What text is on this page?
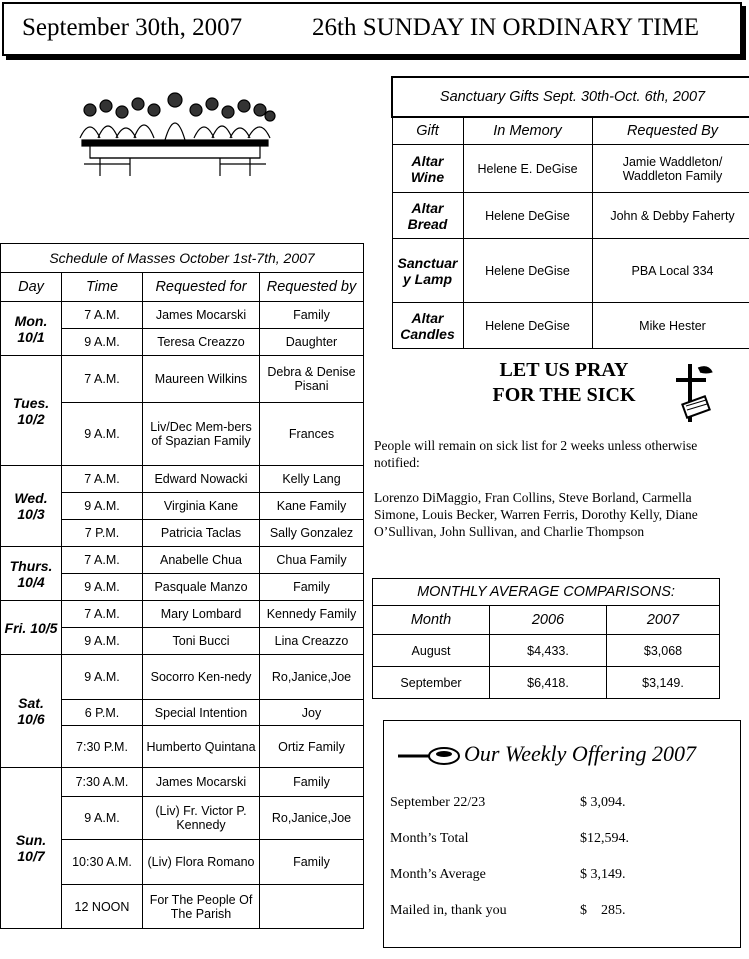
September 30th, 2007	26th SUNDAY IN ORDINARY TIME
Sanctuary Gifts Sept. 30th-Oct. 6th, 2007		
Gift	In Memory	Requested By
Altar Wine	Helene E. DeGise	Jamie Waddleton/ Waddleton Family
Altar Bread	Helene DeGise	John & Debby Faherty
Sanctuar y Lamp	Helene DeGise	PBA Local 334
Altar Candles	Helene DeGise	Mike Hester
Schedule of Masses October 1st-7th, 2007			
Day	Time	Requested for	Requested by
Mon. 10/1	7 A.M.	James Mocarski	Family
	9 A.M.	Teresa Creazzo	Daughter
Tues. 10/2	7 A.M.	Maureen Wilkins	Debra & Denise Pisani
	9 A.M.	Liv/Dec Mem-bers of Spazian Family	Frances
Wed. 10/3	7 A.M.	Edward Nowacki	Kelly Lang
	9 A.M.	Virginia Kane	Kane Family
	7 P.M.	Patricia Taclas	Sally Gonzalez
Thurs. 10/4	7 A.M.	Anabelle Chua	Chua Family
	9 A.M.	Pasquale Manzo	Family
Fri. 10/5	7 A.M.	Mary Lombard	Kennedy Family
	9 A.M.	Toni Bucci	Lina Creazzo
Sat. 10/6	9 A.M.	Socorro Ken-nedy	Ro,Janice,Joe
	6 P.M.	Special Intention	Joy
	7:30 P.M.	Humberto Quintana	Ortiz Family
Sun. 10/7	7:30 A.M.	James Mocarski	Family
	9 A.M.	(Liv) Fr. Victor P. Kennedy	Ro,Janice,Joe
	10:30 A.M.	(Liv) Flora Romano	Family
	12 NOON	For The People Of The Parish	
LET US PRAY
FOR THE SICK
People will remain on sick list for 2 weeks unless otherwise notified:
Lorenzo DiMaggio, Fran Collins, Steve Borland, Carmella Simone, Louis Becker, Warren Ferris, Dorothy Kelly, Diane O’Sullivan, John Sullivan, and Charlie Thompson
MONTHLY AVERAGE COMPARISONS:		
Month	2006	2007
August	$4,433.	$3,068
September	$6,418.	$3,149.
Our Weekly Offering 2007
September 22/23	$ 3,094.
Month’s Total	$12,594.
Month’s Average	$ 3,149.
Mailed in, thank you	$    285.
